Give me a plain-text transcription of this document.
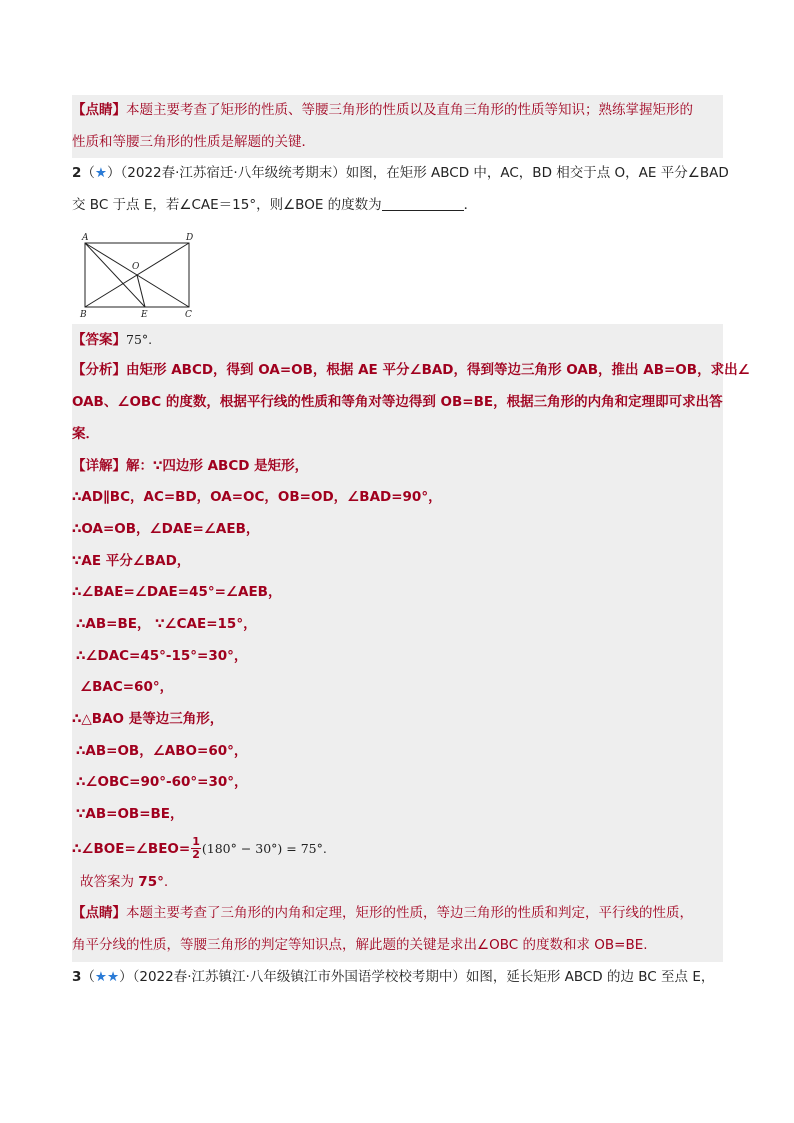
【点睛】本题主要考查了矩形的性质、等腰三角形的性质以及直角三角形的性质等知识；熟练掌握矩形的
性质和等腰三角形的性质是解题的关键．
2（★）（2022春·江苏宿迁·八年级统考期末）如图，在矩形 ABCD 中，AC，BD 相交于点 O，AE 平分∠BAD
交 BC 于点 E，若∠CAE＝15°，则∠BOE 的度数为	．
A	D
O
B	E	C
【答案】75°.
【分析】由矩形 ABCD，得到 OA=OB，根据 AE 平分∠BAD，得到等边三角形 OAB，推出 AB=OB，求出∠
OAB、∠OBC 的度数，根据平行线的性质和等角对等边得到 OB=BE，根据三角形的内角和定理即可求出答
案．
【详解】解：∵四边形 ABCD 是矩形，
∴AD∥BC，AC=BD，OA=OC，OB=OD，∠BAD=90°，
∴OA=OB，∠DAE=∠AEB，
∵AE 平分∠BAD，
∴∠BAE=∠DAE=45°=∠AEB，
∴AB=BE， ∵∠CAE=15°，
∴∠DAC=45°-15°=30°，
∠BAC=60°，
∴△BAO 是等边三角形，
∴AB=OB，∠ABO=60°，
∴∠OBC=90°-60°=30°，
∵AB=OB=BE，
∴∠BOE=∠BEO= $\frac{1}{2} (180^\circ - 30^\circ) = 75^\circ$.
故答案为 75°.
【点睛】本题主要考查了三角形的内角和定理，矩形的性质，等边三角形的性质和判定，平行线的性质，
角平分线的性质，等腰三角形的判定等知识点，解此题的关键是求出∠OBC 的度数和求 OB=BE.
3（★★）（2022春·江苏镇江·八年级镇江市外国语学校校考期中）如图，延长矩形 ABCD 的边 BC 至点 E，
